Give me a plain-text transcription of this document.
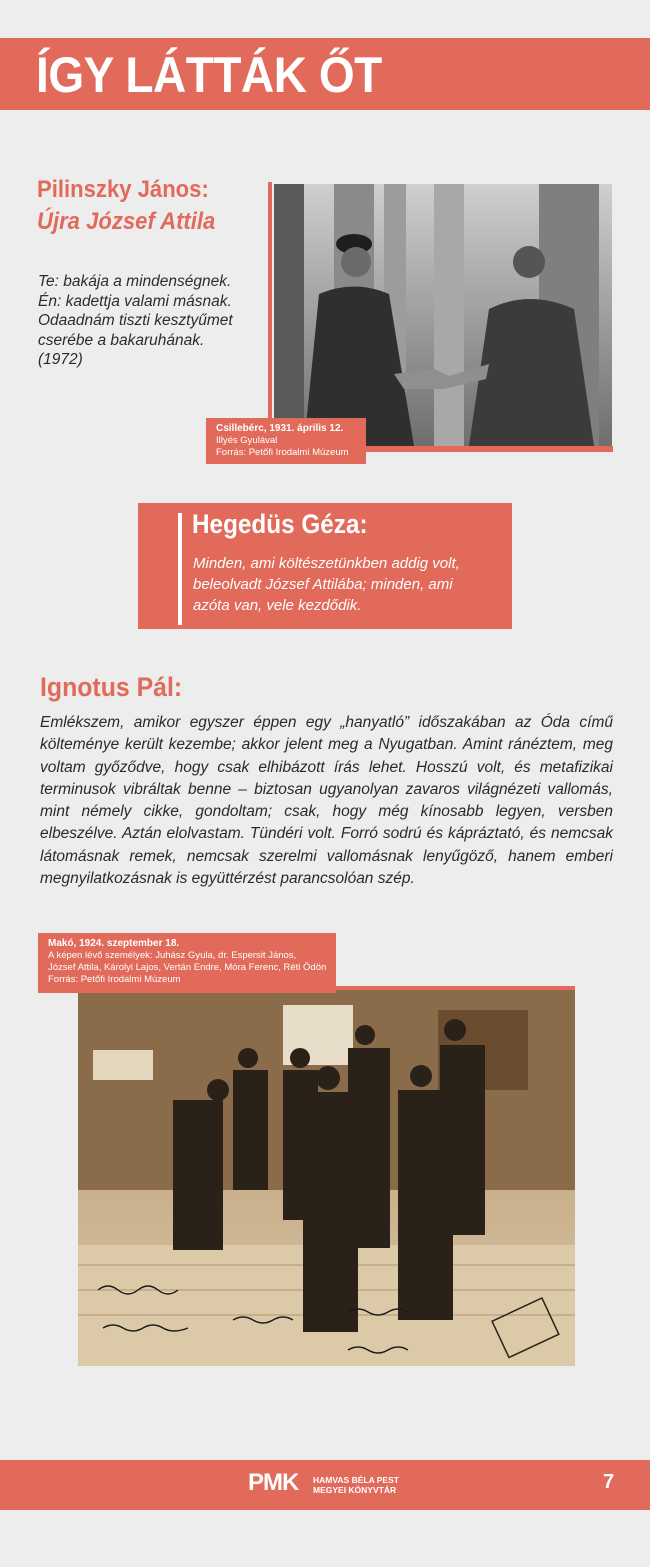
ÍGY LÁTTÁK ŐT
Pilinszky János:
Újra József Attila
Te: bakája a mindenségnek.
Én: kadettja valami másnak.
Odaadnám tiszti kesztyűmet
cserébe a bakaruhának.
(1972)
Csillebérc, 1931. április 12.
Illyés Gyulával
Forrás: Petőfi Irodalmi Múzeum
Hegedüs Géza:
Minden, ami költészetünkben addig volt, beleolvadt József Attilába; minden, ami azóta van, vele kezdődik.
Ignotus Pál:
Emlékszem, amikor egyszer éppen egy „hanyatló” időszakában az Óda című költeménye került kezembe; akkor jelent meg a Nyugatban. Amint ránéztem, meg voltam győződve, hogy csak elhibázott írás lehet. Hosszú volt, és metafizikai terminusok vibráltak benne – biztosan ugyanolyan zavaros világnézeti vallomás, mint némely cikke, gondoltam; csak, hogy még kínosabb legyen, versben elbeszélve. Aztán elolvastam. Tündéri volt. Forró sodrú és kápráztató, és nemcsak látomásnak remek, nemcsak szerelmi vallomásnak lenyűgöző, hanem emberi megnyilatkozásnak is együttérzést parancsolóan szép.
Makó, 1924. szeptember 18.
A képen lévő személyek: Juhász Gyula, dr. Espersit János,
József Attila, Károlyi Lajos, Vertán Endre, Móra Ferenc, Réti Ödön
Forrás: Petőfi Irodalmi Múzeum
PMK HAMVAS BÉLA PEST
MEGYEI KÖNYVTÁR	7
